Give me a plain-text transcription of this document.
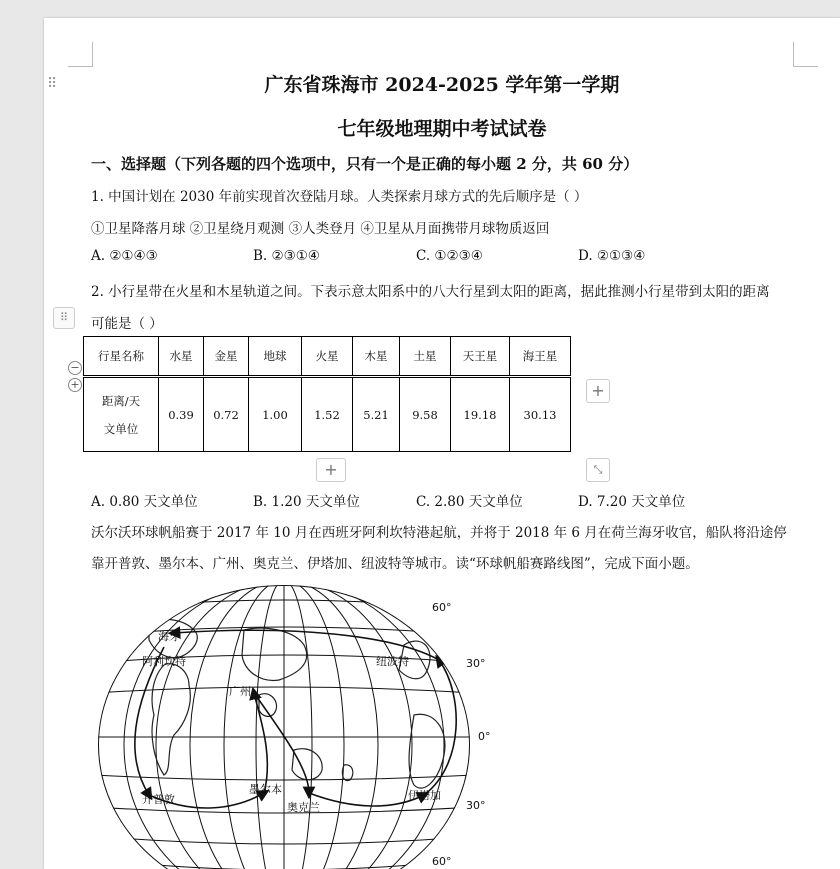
广东省珠海市 2024-2025 学年第一学期
七年级地理期中考试试卷
一、选择题（下列各题的四个选项中，只有一个是正确的每小题 2 分，共 60 分）
1. 中国计划在 2030 年前实现首次登陆月球。人类探索月球方式的先后顺序是（ ）
①卫星降落月球 ②卫星绕月观测 ③人类登月 ④卫星从月面携带月球物质返回
A. ②①④③	B. ②③①④	C. ①②③④	D. ②①③④
2. 小行星带在火星和木星轨道之间。下表示意太阳系中的八大行星到太阳的距离，据此推测小行星带到太阳的距离
可能是（ ）
A. 0.80 天文单位	B. 1.20 天文单位	C. 2.80 天文单位	D. 7.20 天文单位
沃尔沃环球帆船赛于 2017 年 10 月在西班牙阿利坎特港起航，并将于 2018 年 6 月在荷兰海牙收官，船队将沿途停
靠开普敦、墨尔本、广州、奥克兰、伊塔加、纽波特等城市。读“环球帆船赛路线图”，完成下面小题。
⠿
⠿
−
+	+
+	⤡
行星名称	水星	金星	地球	火星	木星	土星	天王星	海王星

距离/天
文单位	0.39	0.72	1.00	1.52	5.21	9.58	19.18	30.13
海牙
阿利坎特
广州
纽波特
开普敦
墨尔本
奥克兰
伊塔加
60°
30°
0°
30°
60°
